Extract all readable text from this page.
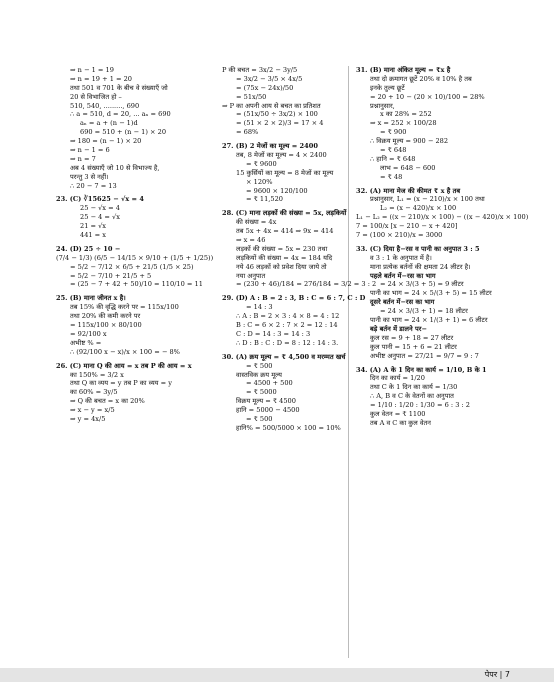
⇒ n − 1 = 19

⇒ n = 19 + 1 = 20

तथा 501 व 701 के बीच वे संख्याएँ जो

20 से विभाजित हो –

510, 540, ........., 690

∴ a = 510, d = 20, ... aₙ = 690

aₙ = a + (n − 1)d

690 = 510 + (n − 1) × 20

⇒ 180 = (n − 1) × 20

⇒ n − 1 = 6

⇒ n = 7

अब 4 संख्याएँ जो 10 से विभाज्य है,

परन्तु 3 से नहीं।

∴ 20 − 7 = 13

23. (C) ∛15625 − √x = 4

25 − √x = 4

25 − 4 = √x

21 = √x

441 = x

24. (D) 25 ÷ 10 −

(7/4 − 1/3) (6/5 − 14/15 × 9/10 + (1/5 + 1/25))

= 5/2 − 7/12 × 6/5 + 21/5 (1/5 × 25)

= 5/2 − 7/10 + 21/5 + 5

= (25 − 7 + 42 + 50)/10 = 110/10 = 11

25. (B) माना जीनत x है।

तब 15% की वृद्धि करने पर = 115x/100

तथा 20% की कमी करने पर

= 115x/100 × 80/100

= 92/100 x

अभीष्ट % =

∴ (92/100 x − x)/x × 100 = − 8%

26. (C) माना Q की आय = x तब P की आय = x

का 150% = 3/2 x

तथा Q का व्यय = y तब P का व्यय = y

का 60% = 3y/5

⇒ Q की बचत = x का 20%

⇒ x − y = x/5

⇒ y = 4x/5

P की बचत = 3x/2 − 3y/5

= 3x/2 − 3/5 × 4x/5

= (75x − 24x)/50

= 51x/50

⇒ P का अपनी आय से बचत का प्रतिशत

= (51x/50 ÷ 3x/2) × 100

= (51 × 2 × 2)/3 = 17 × 4

= 68%

27. (B) 2 मेजों का मूल्य = 2400

तब, 8 मेजों का मूल्य = 4 × 2400

= ₹ 9600

15 कुर्सियों का मूल्य = 8 मेजों का मूल्य

× 120%

= 9600 × 120/100

= ₹ 11,520

28. (C) माना लड़कों की संख्या = 5x, लड़कियों

की संख्या = 4x

तब 5x + 4x = 414 ⇒ 9x = 414

⇒ x = 46

लड़कों की संख्या = 5x = 230 तथा

लड़कियों की संख्या = 4x = 184 यदि

नये 46 लड़कों को प्रवेश दिया जाये तो

नया अनुपात

= (230 + 46)/184 = 276/184 = 3/2 = 3 : 2

29. (D) A : B = 2 : 3, B : C = 6 : 7, C : D

= 14 : 3

∴ A : B = 2 × 3 : 4 × 8 = 4 : 12

B : C = 6 × 2 : 7 × 2 = 12 : 14

C : D = 14 : 3 = 14 : 3

∴ D : B : C : D = 8 : 12 : 14 : 3.

30. (A) क्रय मूल्य = ₹ 4,500 व मरम्मत खर्च

= ₹ 500

वास्तविक क्रय मूल्य

= 4500 + 500

= ₹ 5000

विक्रय मूल्य = ₹ 4500

हानि = 5000 − 4500

= ₹ 500

हानि% = 500/5000 × 100 = 10%

31. (B) माना अंकित मूल्य = ₹x है

तथा दो क्रमागत छूटें 20% व 10% है तब

इनके तुल्य छूटें

= 20 + 10 − (20 × 10)/100 = 28%

प्रश्नानुसार,

x का 28% = 252

⇒ x = 252 × 100/28

= ₹ 900

∴ विक्रय मूल्य = 900 − 282

= ₹ 648

∴ हानि = ₹ 648

लाभ = 648 − 600

= ₹ 48

32. (A) माना मेज की कीमत ₹ x है तब

प्रश्नानुसार, L₁ = (x − 210)/x × 100 तथा

L₂ = (x − 420)/x × 100

L₁ − L₂ = ((x − 210)/x × 100) − ((x − 420)/x × 100)

7 = 100/x [x − 210 − x + 420]

7 = (100 × 210)/x = 3000

33. (C) दिया है−रस व पानी का अनुपात 3 : 5

व 3 : 1 के अनुपात में है।

माना प्रत्येक बर्तनों की क्षमता 24 लीटर है।

पहले बर्तन में−रस का भाग

= 24 × 3/(3 + 5) = 9 लीटर

पानी का भाग = 24 × 5/(3 + 5) = 15 लीटर

दूसरे बर्तन में−रस का भाग

= 24 × 3/(3 + 1) = 18 लीटर

पानी का भाग = 24 × 1/(3 + 1) = 6 लीटर

बड़े बर्तन में डालने पर−

कुल रस = 9 + 18 = 27 लीटर

कुल पानी = 15 + 6 = 21 लीटर

अभीष्ट अनुपात = 27/21 = 9/7 = 9 : 7

34. (A) A के 1 दिन का कार्य = 1/10, B के 1

दिन का कार्य = 1/20

तथा C के 1 दिन का कार्य = 1/30

∴ A, B व C के वेतनों का अनुपात

= 1/10 : 1/20 : 1/30 = 6 : 3 : 2

कुल वेतन = ₹ 1100

तब A व C का कुल वेतन

पेपर | 7
